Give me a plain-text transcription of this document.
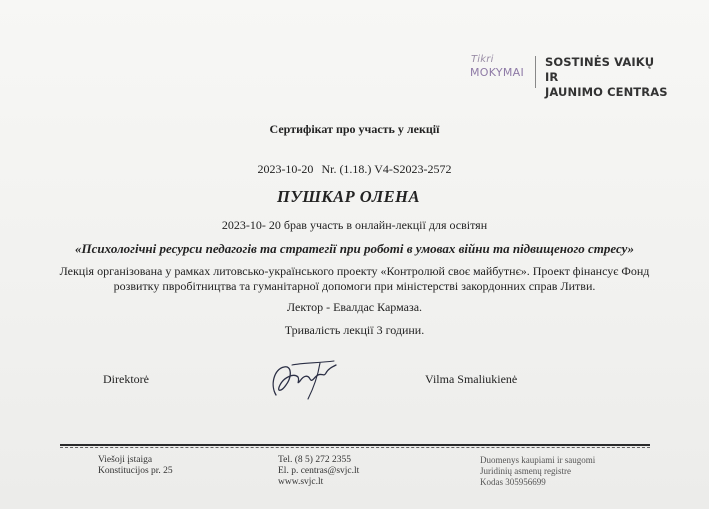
Tikri
MOKYMAI
SOSTINĖS VAIKŲ IR
JAUNIMO CENTRAS
Сертифікат про участь у лекції
2023-10-20 Nr. (1.18.) V4-S2023-2572
ПУШКАР ОЛЕНА
2023-10- 20 брав участь в онлайн-лекції для освітян
«Психологічні ресурси педагогів та стратегії при роботі в умовах війни та підвищеного стресу»
Лекція організована у рамках литовсько-українського проекту «Контролюй своє майбутнє». Проект фінансує Фонд
розвитку пвробітництва та гуманітарної допомоги при міністерстві закордонних справ Литви.
Лектор - Евалдас Кармаза.
Тривалість лекції 3 години.
Direktorė	Vilma Smaliukienė
Viešoji įstaiga
Konstitucijos pr. 25
Tel. (8 5) 272 2355
El. p. centras@svjc.lt
www.svjc.lt
Duomenys kaupiami ir saugomi
Juridinių asmenų registre
Kodas 305956699
